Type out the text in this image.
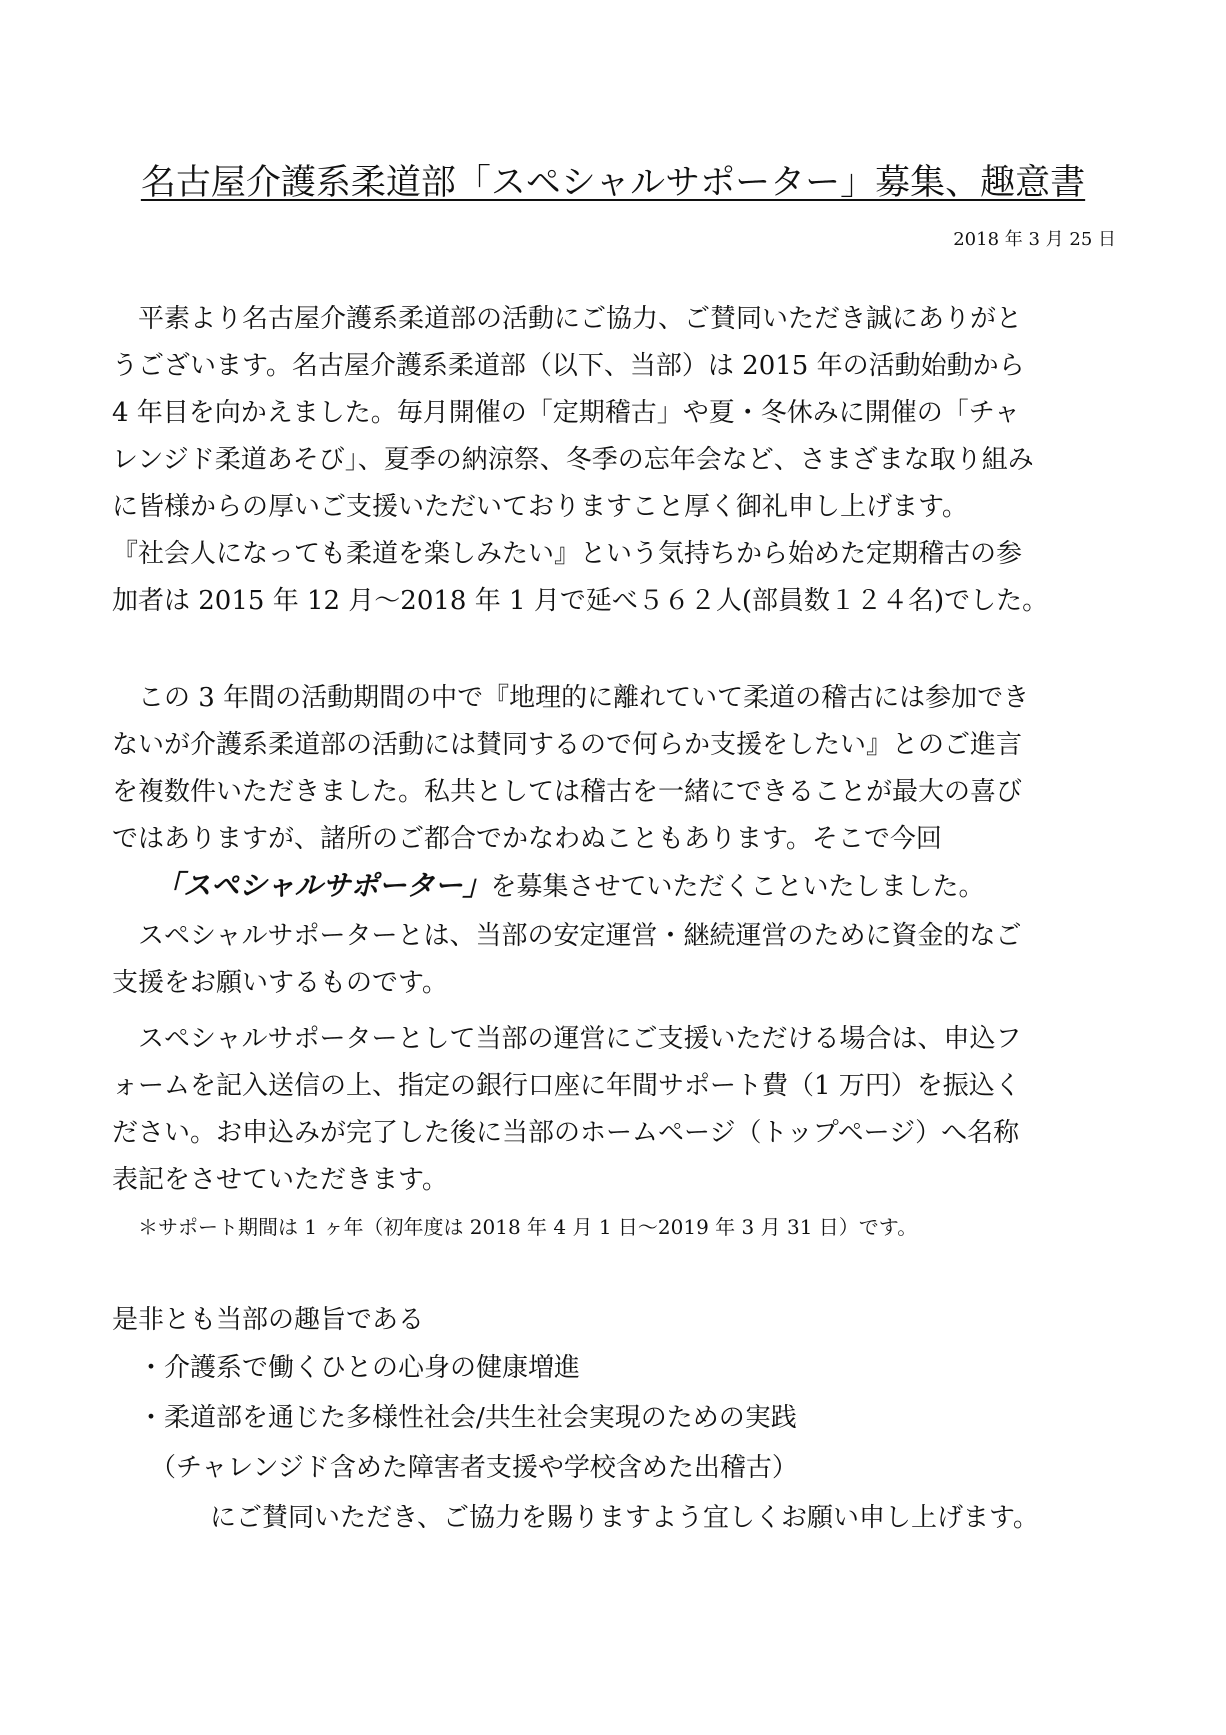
名古屋介護系柔道部「スペシャルサポーター」募集、趣意書
2018 年 3 月 25 日
平素より名古屋介護系柔道部の活動にご協力、ご賛同いただき誠にありがと
うございます。名古屋介護系柔道部（以下、当部）は 2015 年の活動始動から
4 年目を向かえました。毎月開催の「定期稽古」や夏・冬休みに開催の「チャ
レンジド柔道あそび」、夏季の納涼祭、冬季の忘年会など、さまざまな取り組み
に皆様からの厚いご支援いただいておりますこと厚く御礼申し上げます。
『社会人になっても柔道を楽しみたい』という気持ちから始めた定期稽古の参
加者は 2015 年 12 月～2018 年 1 月で延べ５６２人(部員数１２４名)でした。
この 3 年間の活動期間の中で『地理的に離れていて柔道の稽古には参加でき
ないが介護系柔道部の活動には賛同するので何らか支援をしたい』とのご進言
を複数件いただきました。私共としては稽古を一緒にできることが最大の喜び
ではありますが、諸所のご都合でかなわぬこともあります。そこで今回
「スペシャルサポーター」を募集させていただくこといたしました。
スペシャルサポーターとは、当部の安定運営・継続運営のために資金的なご
支援をお願いするものです。
スペシャルサポーターとして当部の運営にご支援いただける場合は、申込フ
ォームを記入送信の上、指定の銀行口座に年間サポート費（1 万円）を振込く
ださい。お申込みが完了した後に当部のホームページ（トップページ）へ名称
表記をさせていただきます。
＊サポート期間は 1 ヶ年（初年度は 2018 年 4 月 1 日～2019 年 3 月 31 日）です。
是非とも当部の趣旨である
・介護系で働くひとの心身の健康増進
・柔道部を通じた多様性社会/共生社会実現のための実践
（チャレンジド含めた障害者支援や学校含めた出稽古）
にご賛同いただき、ご協力を賜りますよう宜しくお願い申し上げます。
